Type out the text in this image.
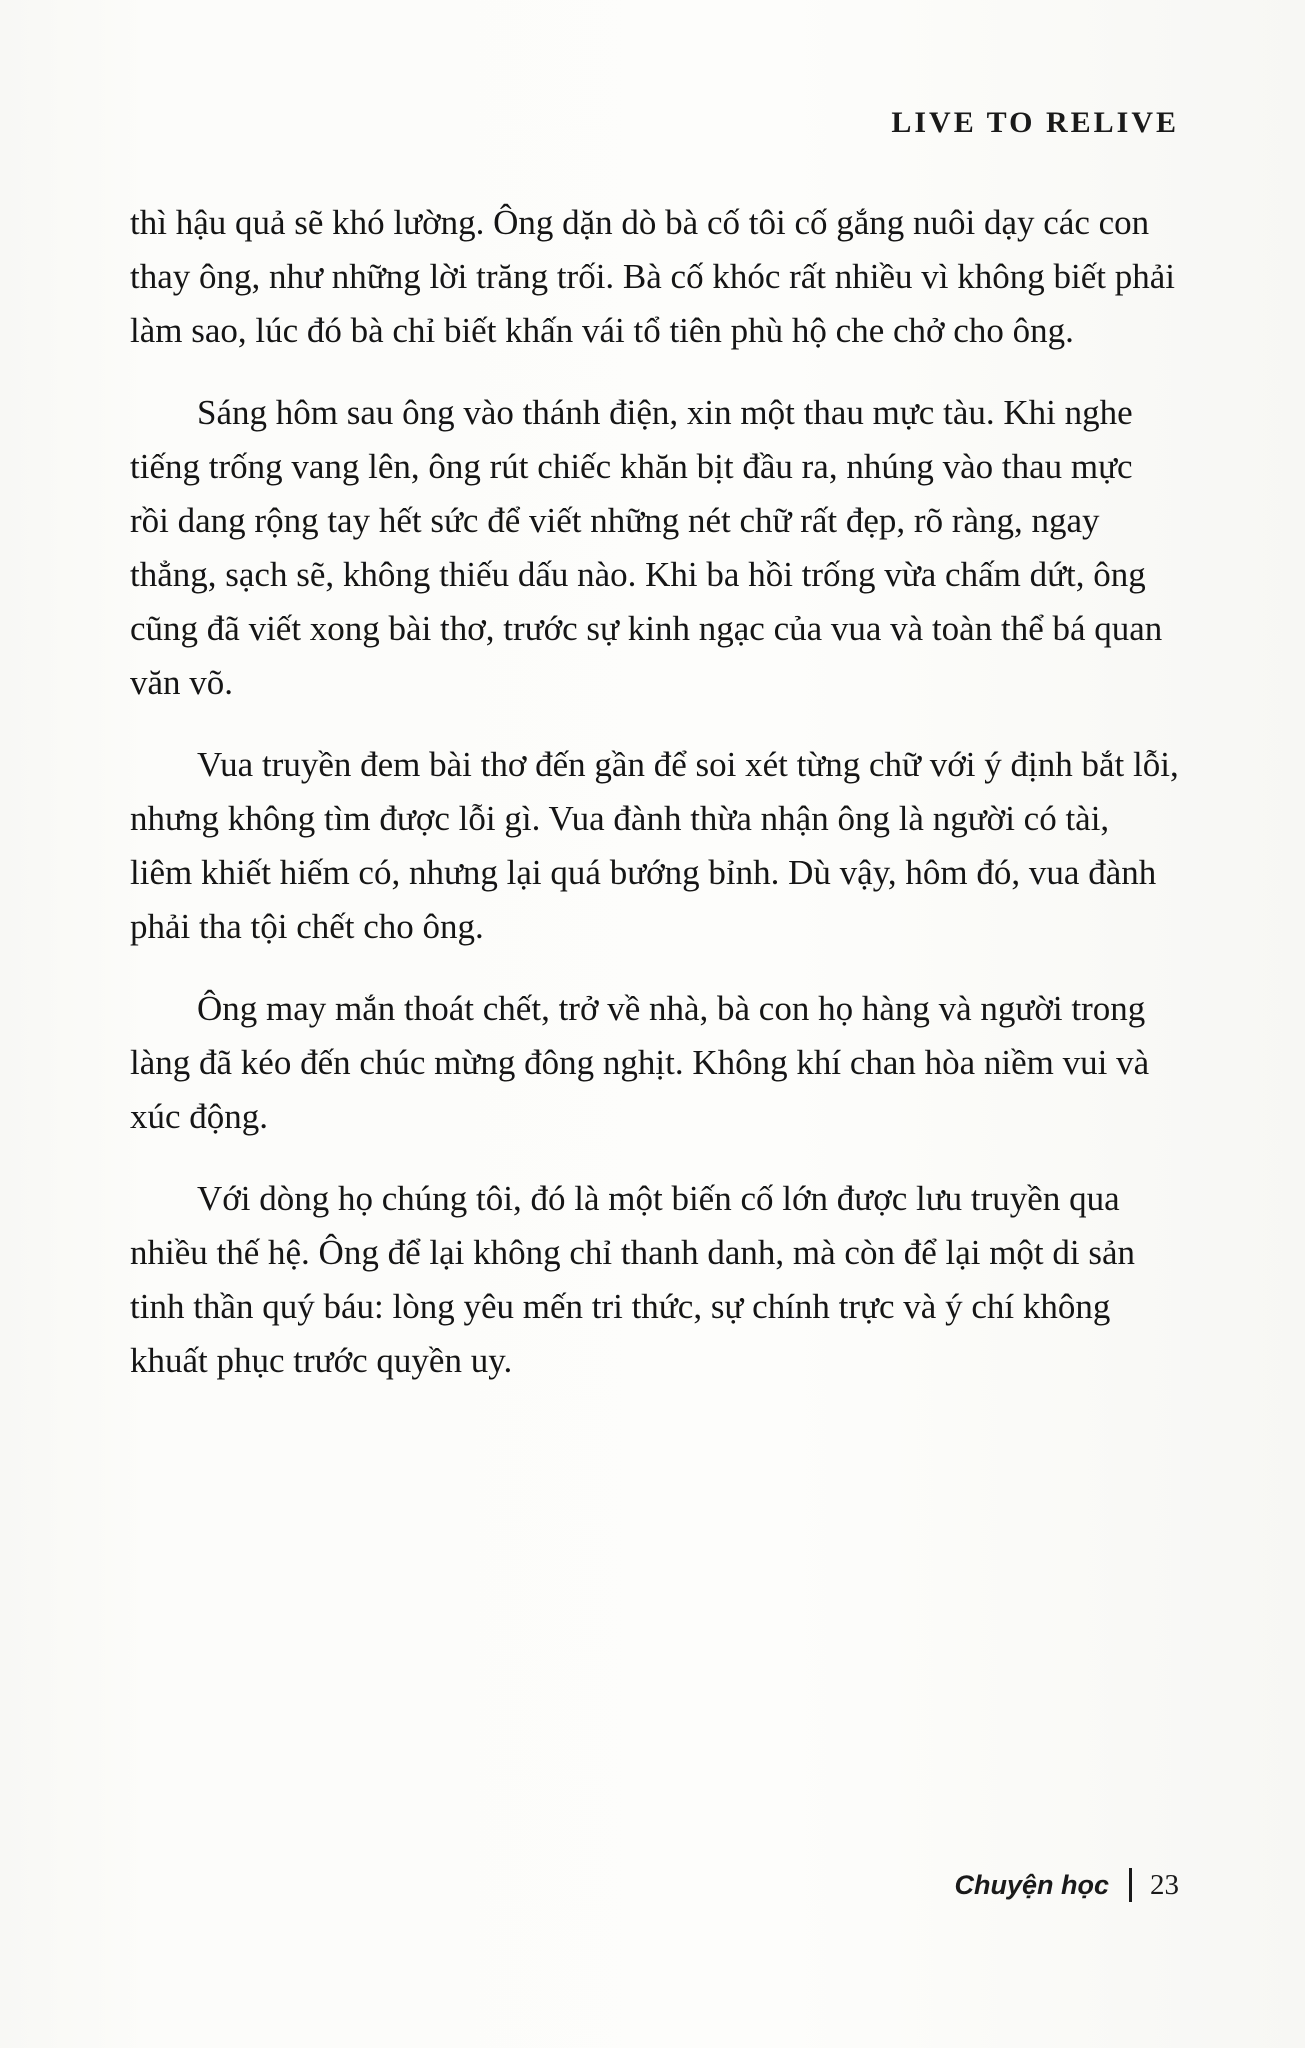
LIVE TO RELIVE

thì hậu quả sẽ khó lường. Ông dặn dò bà cố tôi cố gắng nuôi dạy các con thay ông, như những lời trăng trối. Bà cố khóc rất nhiều vì không biết phải làm sao, lúc đó bà chỉ biết khấn vái tổ tiên phù hộ che chở cho ông.

Sáng hôm sau ông vào thánh điện, xin một thau mực tàu. Khi nghe tiếng trống vang lên, ông rút chiếc khăn bịt đầu ra, nhúng vào thau mực rồi dang rộng tay hết sức để viết những nét chữ rất đẹp, rõ ràng, ngay thẳng, sạch sẽ, không thiếu dấu nào. Khi ba hồi trống vừa chấm dứt, ông cũng đã viết xong bài thơ, trước sự kinh ngạc của vua và toàn thể bá quan văn võ.

Vua truyền đem bài thơ đến gần để soi xét từng chữ với ý định bắt lỗi, nhưng không tìm được lỗi gì. Vua đành thừa nhận ông là người có tài, liêm khiết hiếm có, nhưng lại quá bướng bỉnh. Dù vậy, hôm đó, vua đành phải tha tội chết cho ông.

Ông may mắn thoát chết, trở về nhà, bà con họ hàng và người trong làng đã kéo đến chúc mừng đông nghịt. Không khí chan hòa niềm vui và xúc động.

Với dòng họ chúng tôi, đó là một biến cố lớn được lưu truyền qua nhiều thế hệ. Ông để lại không chỉ thanh danh, mà còn để lại một di sản tinh thần quý báu: lòng yêu mến tri thức, sự chính trực và ý chí không khuất phục trước quyền uy.

Chuyện học 23
